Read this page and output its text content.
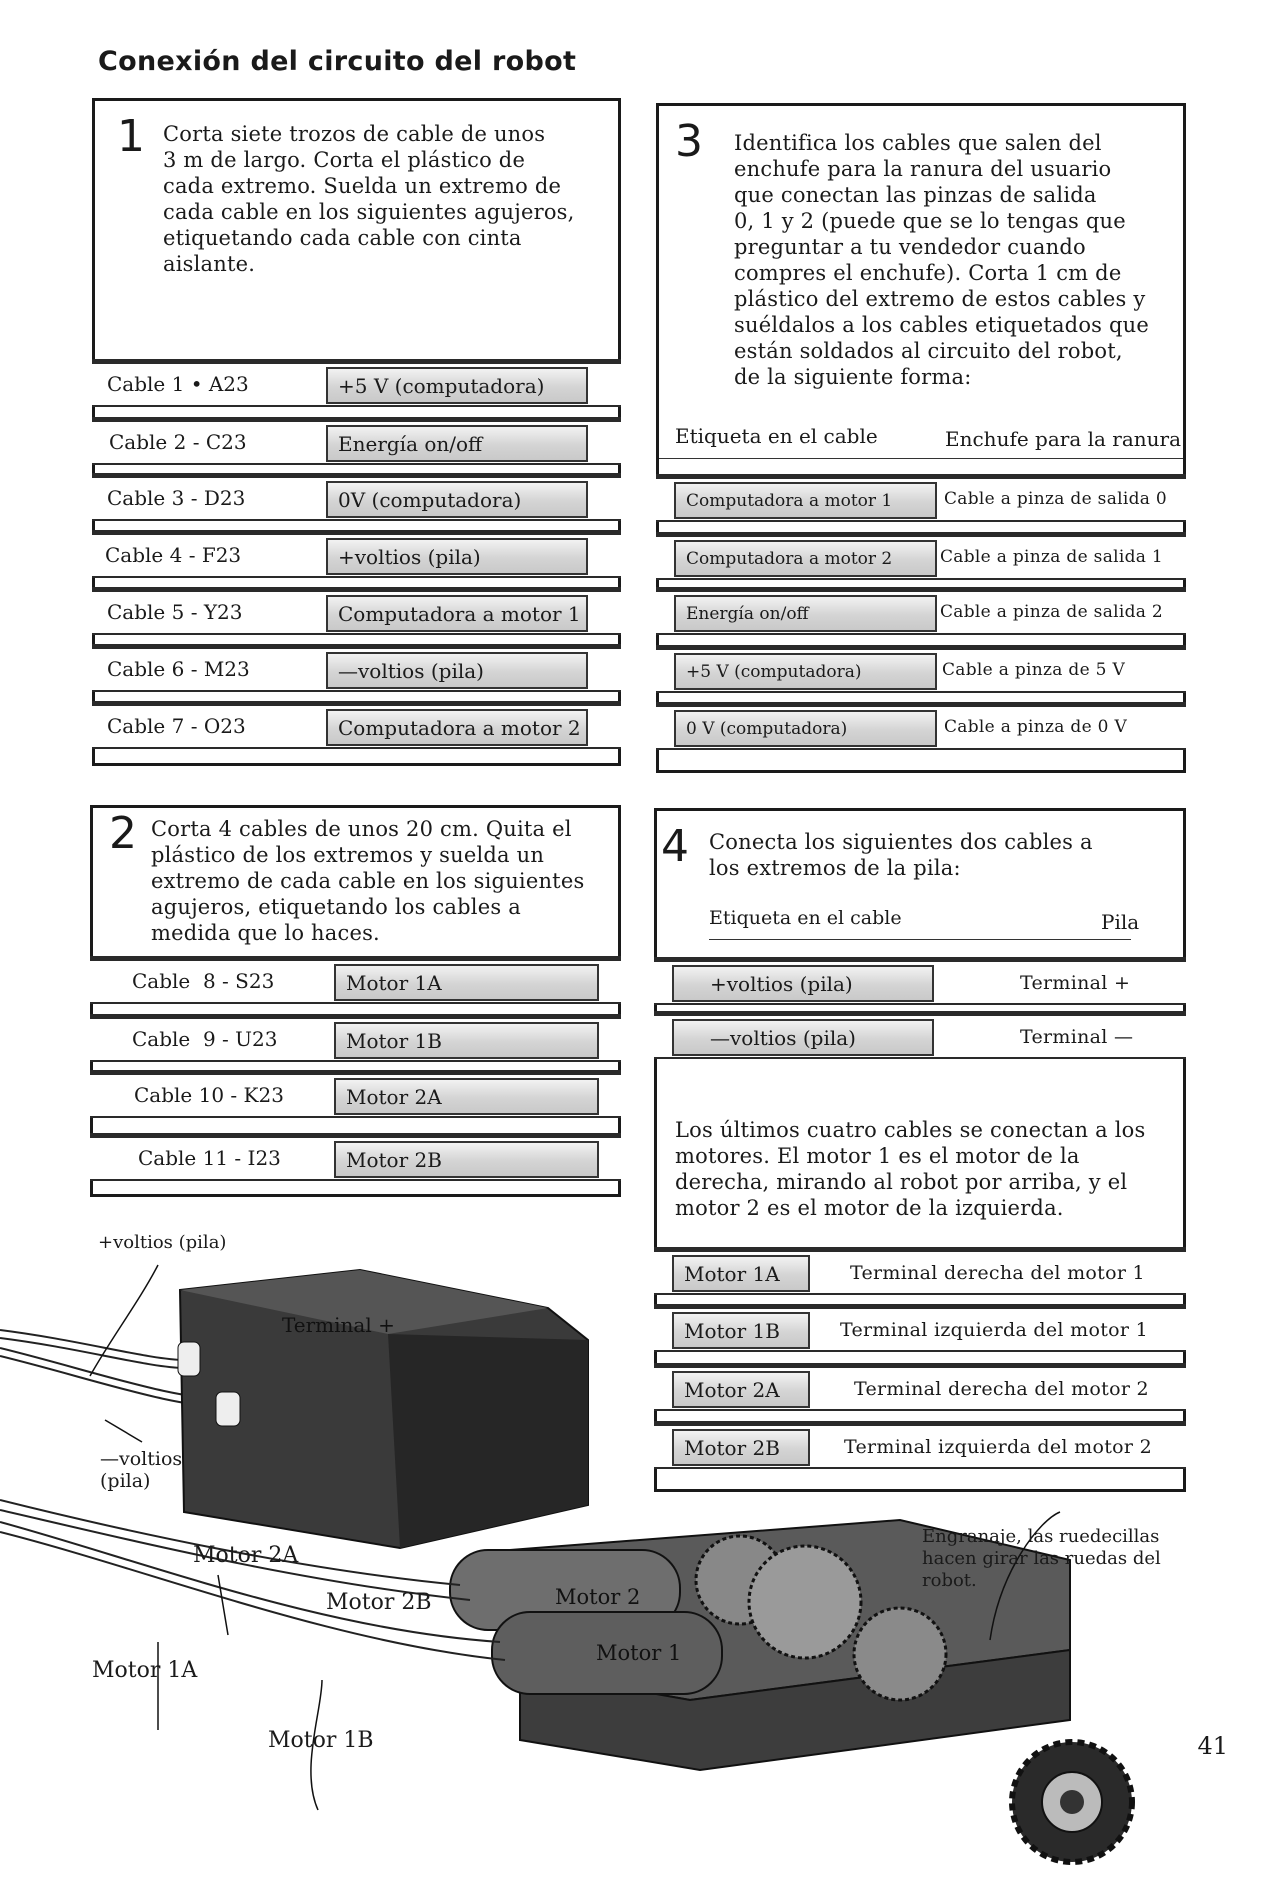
Conexión del circuito del robot
1 Corta siete trozos de cable de unos
3 m de largo. Corta el plástico de
cada extremo. Suelda un extremo de
cada cable en los siguientes agujeros,
etiquetando cada cable con cinta
aislante.
Cable 1 • A23	+5 V (computadora)
Cable 2 - C23	Energía on/off
Cable 3 - D23	0V (computadora)
Cable 4 - F23	+voltios (pila)
Cable 5 - Y23	Computadora a motor 1
Cable 6 - M23	—voltios (pila)
Cable 7 - O23	Computadora a motor 2
3 Identifica los cables que salen del
enchufe para la ranura del usuario
que conectan las pinzas de salida
0, 1 y 2 (puede que se lo tengas que
preguntar a tu vendedor cuando
compres el enchufe). Corta 1 cm de
plástico del extremo de estos cables y
suéldalos a los cables etiquetados que
están soldados al circuito del robot,
de la siguiente forma:
Etiqueta en el cable	Enchufe para la ranura
Computadora a motor 1	Cable a pinza de salida 0
Computadora a motor 2	Cable a pinza de salida 1
Energía on/off	Cable a pinza de salida 2
+5 V (computadora)	Cable a pinza de 5 V
0 V (computadora)	Cable a pinza de 0 V
2 Corta 4 cables de unos 20 cm. Quita el
plástico de los extremos y suelda un
extremo de cada cable en los siguientes
agujeros, etiquetando los cables a
medida que lo haces.
Cable  8 - S23	Motor 1A
Cable  9 - U23	Motor 1B
Cable 10 - K23	Motor 2A
Cable 11 - I23	Motor 2B
4 Conecta los siguientes dos cables a
los extremos de la pila:
Etiqueta en el cable	Pila
+voltios (pila)	Terminal +
—voltios (pila)	Terminal —
Los últimos cuatro cables se conectan a los
motores. El motor 1 es el motor de la
derecha, mirando al robot por arriba, y el
motor 2 es el motor de la izquierda.
Motor 1A	Terminal derecha del motor 1
Motor 1B	Terminal izquierda del motor 1
Motor 2A	Terminal derecha del motor 2
Motor 2B	Terminal izquierda del motor 2
Terminal +
Motor 2
Motor 1
+voltios (pila)
—voltios
(pila)
Motor 2A
Motor 2B
Motor 1A
Motor 1B
Engranaje, las ruedecillas
hacen girar las ruedas del
robot.
41
